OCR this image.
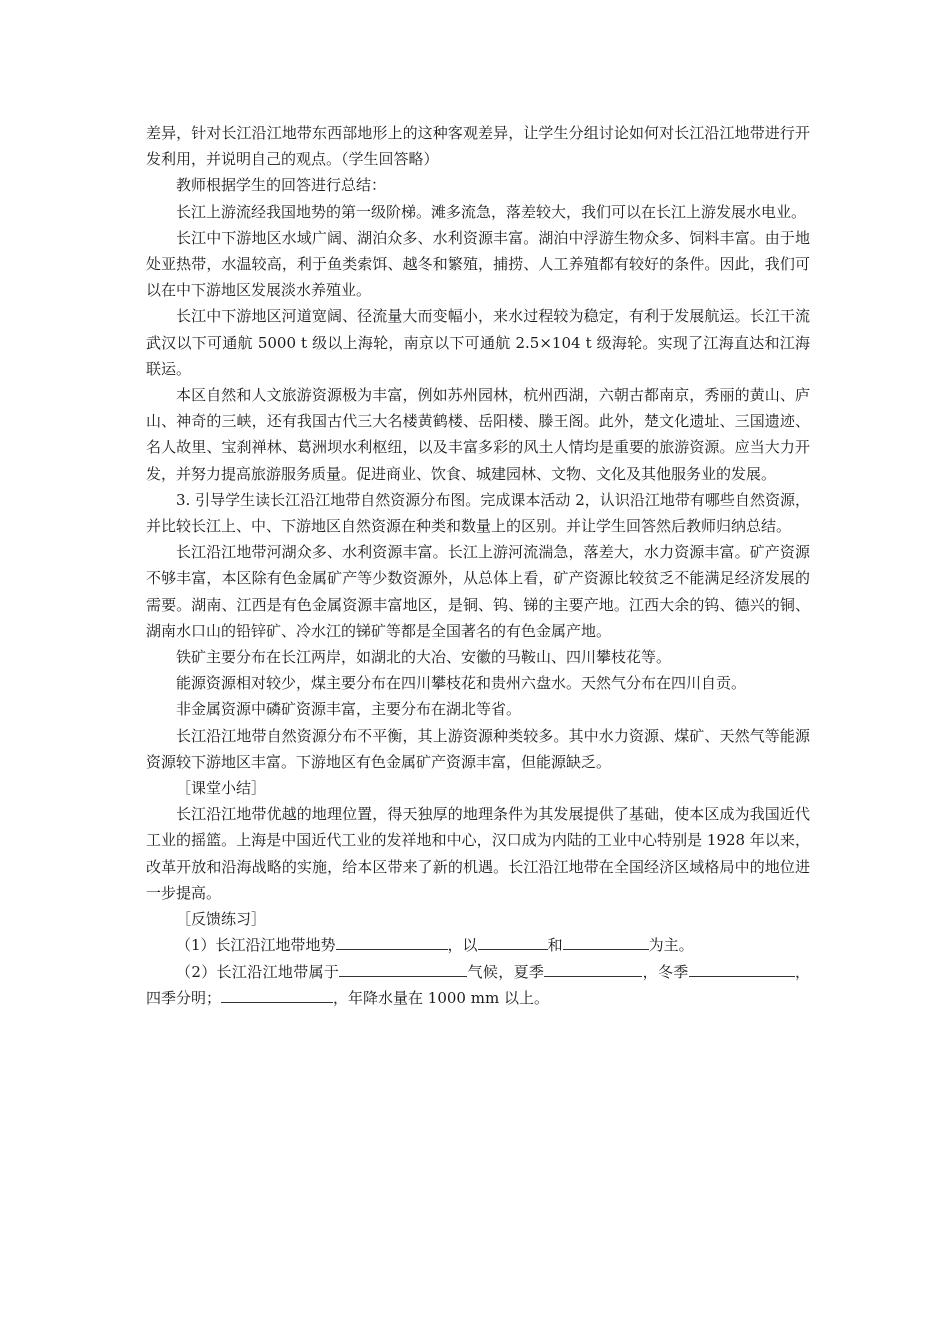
差异，针对长江沿江地带东西部地形上的这种客观差异，让学生分组讨论如何对长江沿江地带进行开发利用，并说明自己的观点。（学生回答略）

教师根据学生的回答进行总结：

长江上游流经我国地势的第一级阶梯。滩多流急，落差较大，我们可以在长江上游发展水电业。

长江中下游地区水域广阔、湖泊众多、水利资源丰富。湖泊中浮游生物众多、饲料丰富。由于地处亚热带，水温较高，利于鱼类索饵、越冬和繁殖，捕捞、人工养殖都有较好的条件。因此，我们可以在中下游地区发展淡水养殖业。

长江中下游地区河道宽阔、径流量大而变幅小，来水过程较为稳定，有利于发展航运。长江干流武汉以下可通航 5000 t 级以上海轮，南京以下可通航 2.5×104 t 级海轮。实现了江海直达和江海联运。

本区自然和人文旅游资源极为丰富，例如苏州园林，杭州西湖，六朝古都南京，秀丽的黄山、庐山、神奇的三峡，还有我国古代三大名楼黄鹤楼、岳阳楼、滕王阁。此外，楚文化遗址、三国遗迹、名人故里、宝刹禅林、葛洲坝水利枢纽，以及丰富多彩的风土人情均是重要的旅游资源。应当大力开发，并努力提高旅游服务质量。促进商业、饮食、城建园林、文物、文化及其他服务业的发展。

3. 引导学生读长江沿江地带自然资源分布图。完成课本活动 2，认识沿江地带有哪些自然资源，并比较长江上、中、下游地区自然资源在种类和数量上的区别。并让学生回答然后教师归纳总结。

长江沿江地带河湖众多、水利资源丰富。长江上游河流湍急，落差大，水力资源丰富。矿产资源不够丰富，本区除有色金属矿产等少数资源外，从总体上看，矿产资源比较贫乏不能满足经济发展的需要。湖南、江西是有色金属资源丰富地区，是铜、钨、锑的主要产地。江西大余的钨、德兴的铜、湖南水口山的铅锌矿、冷水江的锑矿等都是全国著名的有色金属产地。

铁矿主要分布在长江两岸，如湖北的大冶、安徽的马鞍山、四川攀枝花等。

能源资源相对较少，煤主要分布在四川攀枝花和贵州六盘水。天然气分布在四川自贡。

非金属资源中磷矿资源丰富，主要分布在湖北等省。

长江沿江地带自然资源分布不平衡，其上游资源种类较多。其中水力资源、煤矿、天然气等能源资源较下游地区丰富。下游地区有色金属矿产资源丰富，但能源缺乏。

［课堂小结］

长江沿江地带优越的地理位置，得天独厚的地理条件为其发展提供了基础，使本区成为我国近代工业的摇篮。上海是中国近代工业的发祥地和中心，汉口成为内陆的工业中心特别是 1928 年以来，改革开放和沿海战略的实施，给本区带来了新的机遇。长江沿江地带在全国经济区域格局中的地位进一步提高。

［反馈练习］

（1）长江沿江地带地势	，以	和	为主。

（2）长江沿江地带属于	气候，夏季	，冬季	，四季分明；	，年降水量在 1000 mm 以上。
